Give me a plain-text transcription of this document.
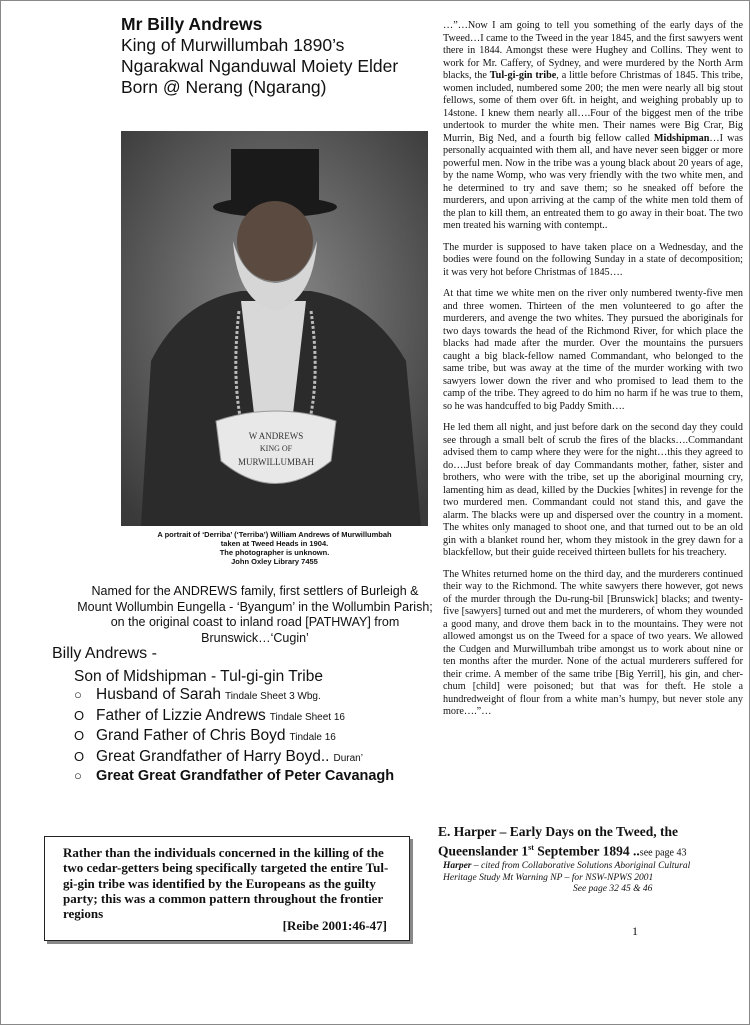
Mr Billy Andrews
King of Murwillumbah 1890’s
Ngarakwal Nganduwal Moiety Elder
Born @ Nerang (Ngarang)
W ANDREWS
KING OF
MURWILLUMBAH
A portrait of ‘Derriba’ (‘Terriba’) William Andrews of Murwillumbah
taken at Tweed Heads in 1904.
The photographer is unknown.
John Oxley Library 7455
Named for the ANDREWS family, first settlers of Burleigh &
Mount Wollumbin Eungella - ‘Byangum’ in the Wollumbin Parish;
on the original coast to inland road [PATHWAY] from
Brunswick…‘Cugin’
Billy Andrews -
Son of Midshipman - Tul-gi-gin Tribe
○ Husband of Sarah Tindale Sheet 3 Wbg.
O Father of Lizzie Andrews Tindale Sheet 16
O Grand Father of Chris Boyd Tindale 16
O Great Grandfather of Harry Boyd.. Duran’
○ Great Great Grandfather of Peter Cavanagh

Rather than the individuals concerned in the killing of the two cedar-getters being specifically targeted the entire Tul-gi-gin tribe was identified by the Europeans as the guilty party; this was a common pattern throughout the frontier regions

[Reibe 2001:46-47]

…”…Now I am going to tell you something of the early days of the Tweed…I came to the Tweed in the year 1845, and the first sawyers went there in 1844. Amongst these were Hughey and Collins. They went to work for Mr. Caffery, of Sydney, and were murdered by the North Arm blacks, the Tul-gi-gin tribe, a little before Christmas of 1845. This tribe, women included, numbered some 200; the men were nearly all big stout fellows, some of them over 6ft. in height, and weighing probably up to 14stone. I knew them nearly all….Four of the biggest men of the tribe undertook to murder the white men. Their names were Big Crar, Big Murrin, Big Ned, and a fourth big fellow called Midshipman…I was personally acquainted with them all, and have never seen bigger or more powerful men. Now in the tribe was a young black about 20 years of age, by the name Womp, who was very friendly with the two white men, and he determined to try and save them; so he sneaked off before the murderers, and upon arriving at the camp of the white men told them of the plan to kill them, an entreated them to go away in their boat. The two men treated his warning with contempt..

The murder is supposed to have taken place on a Wednesday, and the bodies were found on the following Sunday in a state of decomposition; it was very hot before Christmas of 1845….

At that time we white men on the river only numbered twenty-five men and three women. Thirteen of the men volunteered to go after the murderers, and avenge the two whites. They pursued the aboriginals for two days towards the head of the Richmond River, for which place the blacks had made after the murder. Over the mountains the pursuers caught a big black-fellow named Commandant, who belonged to the same tribe, but was away at the time of the murder working with two sawyers lower down the river and who promised to lead them to the camp of the tribe. They agreed to do him no harm if he was true to them, so he was handcuffed to big Paddy Smith….

He led them all night, and just before dark on the second day they could see through a small belt of scrub the fires of the blacks….Commandant advised them to camp where they were for the night…this they agreed to do….Just before break of day Commandants mother, father, sister and brothers, who were with the tribe, set up the aboriginal mourning cry, lamenting him as dead, killed by the Duckies [whites] in revenge for the two murdered men. Commandant could not stand this, and gave the alarm. The blacks were up and dispersed over the country in a moment. The whites only managed to shoot one, and that turned out to be an old gin with a blanket round her, whom they mistook in the grey dawn for a blackfellow, but their guide received thirteen bullets for his treachery.

The Whites returned home on the third day, and the murderers continued their way to the Richmond. The white sawyers there however, got news of the murder through the Du-rung-bil [Brunswick] blacks; and twenty-five [sawyers] turned out and met the murderers, of whom they wounded a good many, and drove them back in to the mountains. They were not allowed amongst us on the Tweed for a space of two years. We allowed the Cudgen and Murwillumbah tribe amongst us to work about nine or ten months after the murder. None of the actual murderers suffered for their crime. A member of the same tribe [Big Yerril], his gin, and cher-chum [child] were poisoned; but that was for theft. He stole a hundredweight of flour from a white man’s humpy, but never stole any more….”…

E. Harper – Early Days on the Tweed, the
Queenslander 1st September 1894 ..see page 43
Harper – cited from Collaborative Solutions Aboriginal Cultural
Heritage Study Mt Warning NP – for NSW-NPWS 2001
See page 32 45 & 46
1
